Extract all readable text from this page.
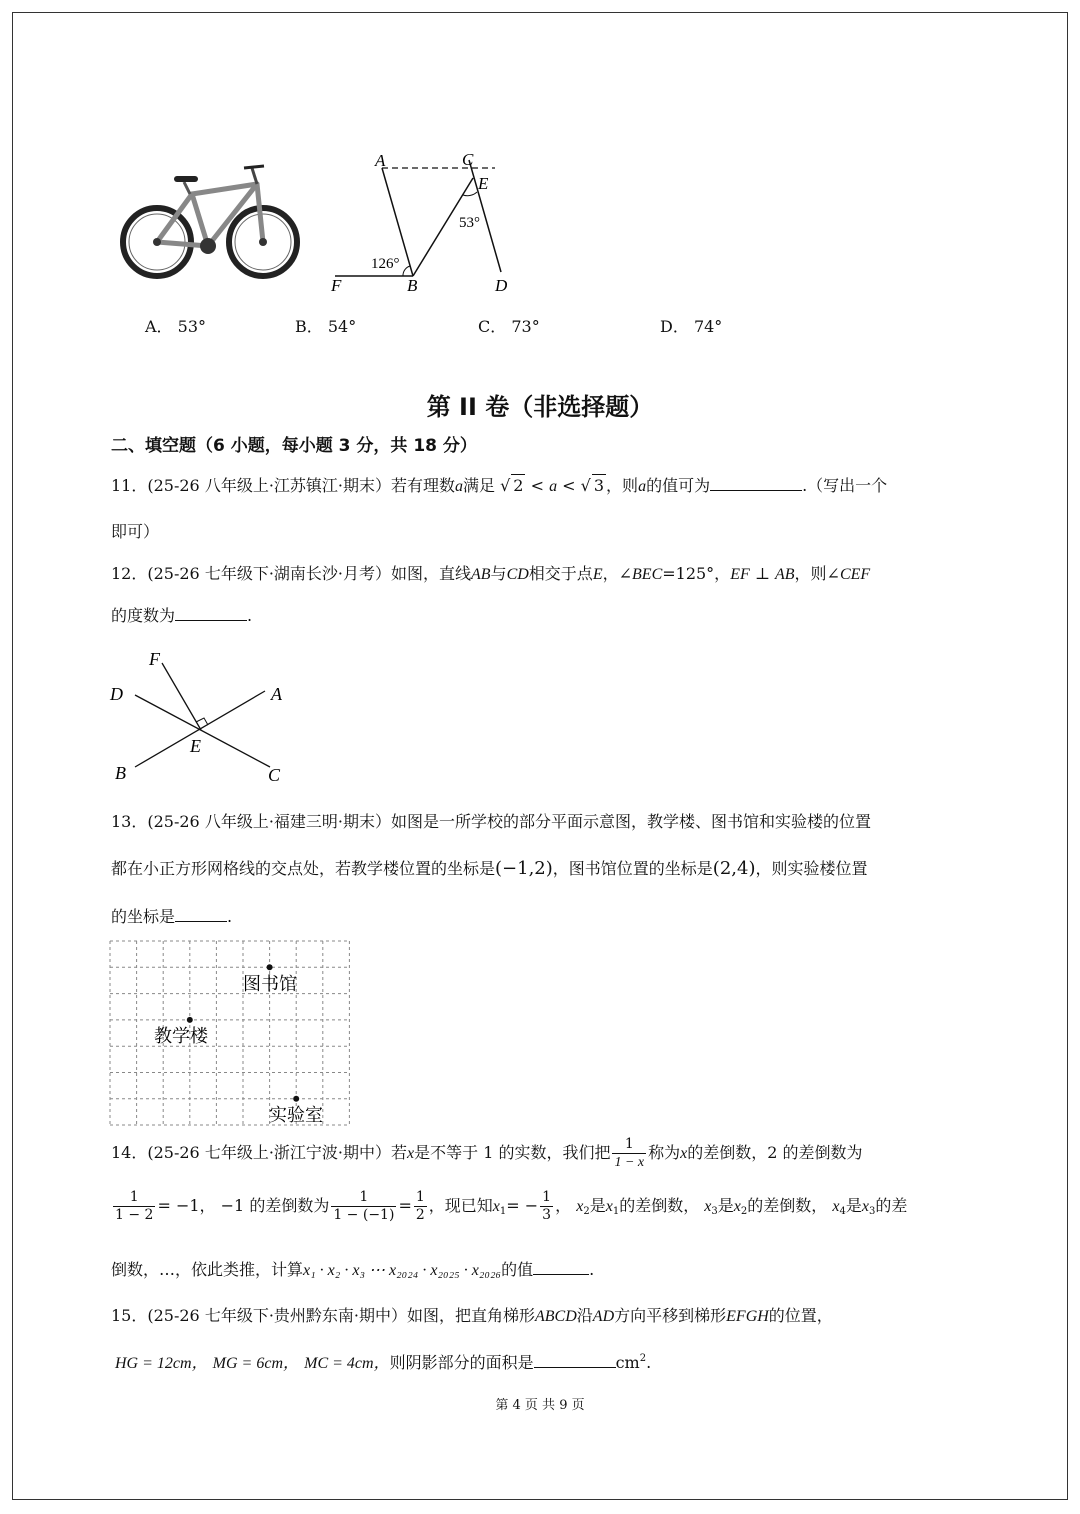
A	C
E
53°
126°
F	B	D
A． 53°	B． 54°	C． 73°	D． 74°
第 II 卷（非选择题）
二、填空题（6 小题，每小题 3 分，共 18 分）
11．(25-26 八年级上·江苏镇江·期末）若有理数a满足 √ 2 < a < √ 3 ，则a的值可为	.（写出一个
即可）
12．(25-26 七年级下·湖南长沙·月考）如图，直线AB与CD相交于点E，∠BEC=125°，EF ⊥ AB，则∠CEF
的度数为	.
F
D	A
E
B	C
13．(25-26 八年级上·福建三明·期末）如图是一所学校的部分平面示意图，教学楼、图书馆和实验楼的位置
都在小正方形网格线的交点处，若教学楼位置的坐标是(−1,2)，图书馆位置的坐标是(2,4)，则实验楼位置
的坐标是	.
图书馆
教学楼
实验室
14．(25-26 七年级上·浙江宁波·期中）若x是不等于 1 的实数，我们把 $\frac{1}{1 - x}$ 称为x的差倒数，2 的差倒数为
$\frac{1}{1 - 2} = -1$， −1 的差倒数为 $\frac{1}{1 - (-1)} = \frac{1}{2}$ ，现已知$x_1= - \frac{1}{3}$ ， $x_2$是$x_1$的差倒数， $x_3$是$x_2$的差倒数， $x_4$是$x_3$的差
倒数，…，依此类推，计算x₁ · x₂ · x₃ ⋯ x₂₀₂₄ · x₂₀₂₅ · x₂₀₂₆的值	.
15．(25-26 七年级下·贵州黔东南·期中）如图，把直角梯形ABCD沿AD方向平移到梯形EFGH的位置，
HG = 12cm， MG = 6cm， MC = 4cm，则阴影部分的面积是	$cm^2$.
第 4 页 共 9 页
